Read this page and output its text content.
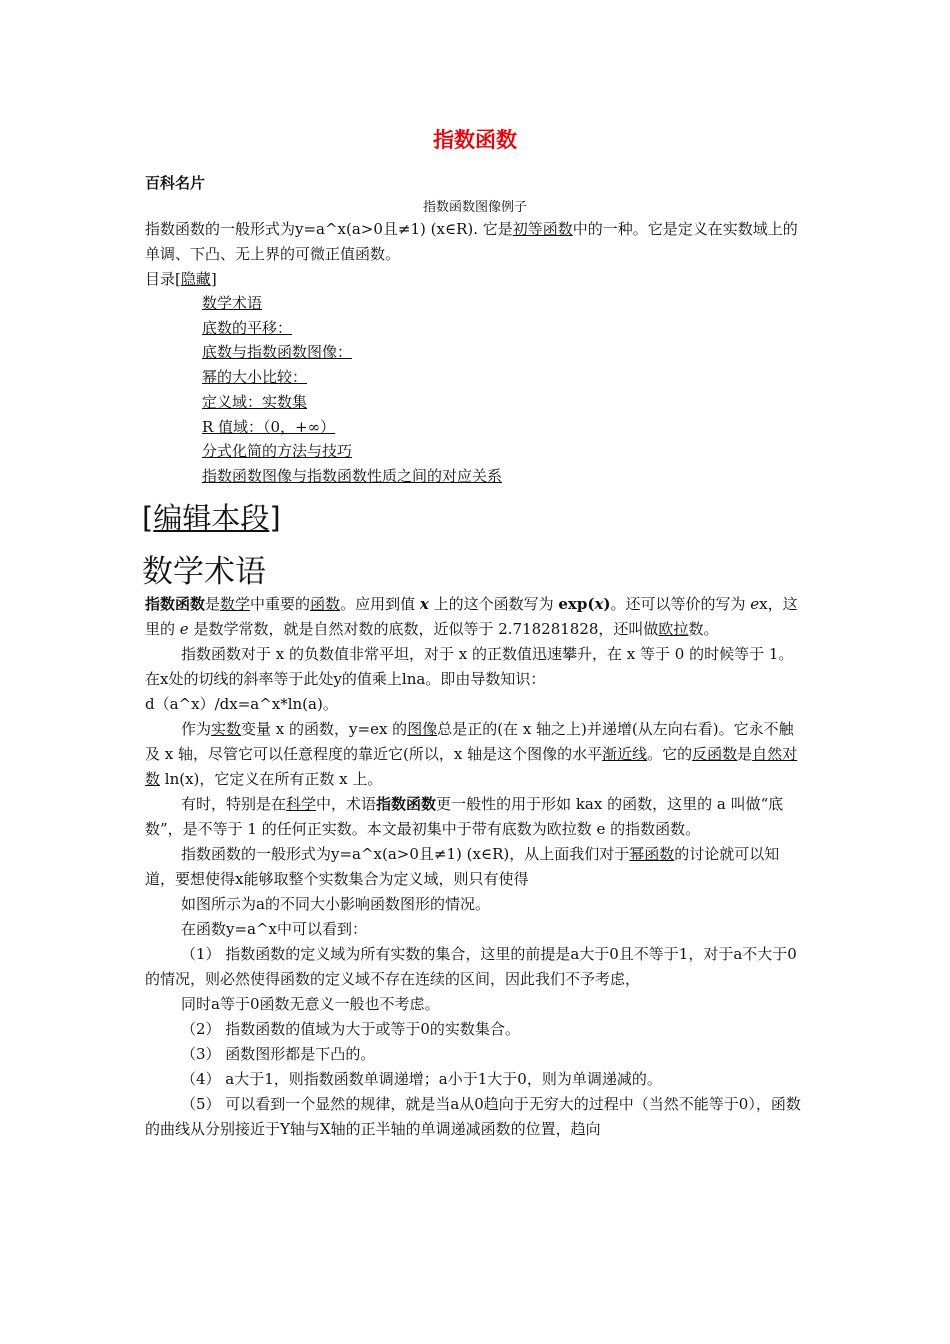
指数函数
百科名片
指数函数图像例子
指数函数的一般形式为y=a^x(a>0且≠1) (x∈R). 它是初等函数中的一种。它是定义在实数域上的单调、下凸、无上界的可微正值函数。
目录[隐藏]
数学术语
底数的平移：
底数与指数函数图像：
幂的大小比较：
定义域：实数集
R 值域：（0，+∞）
分式化简的方法与技巧
指数函数图像与指数函数性质之间的对应关系
[编辑本段]
数学术语

指数函数是数学中重要的函数。应用到值 x 上的这个函数写为 exp(x)。还可以等价的写为 ex，这里的 e 是数学常数，就是自然对数的底数，近似等于 2.718281828，还叫做欧拉数。

指数函数对于 x 的负数值非常平坦，对于 x 的正数值迅速攀升，在 x 等于 0 的时候等于 1。在x处的切线的斜率等于此处y的值乘上lna。即由导数知识：

d（a^x）/dx=a^x*ln(a)。

作为实数变量 x 的函数，y=ex 的图像总是正的(在 x 轴之上)并递增(从左向右看)。它永不触及 x 轴，尽管它可以任意程度的靠近它(所以，x 轴是这个图像的水平渐近线。它的反函数是自然对数 ln(x)，它定义在所有正数 x 上。

有时，特别是在科学中，术语指数函数更一般性的用于形如 kax 的函数，这里的 a 叫做“底数”，是不等于 1 的任何正实数。本文最初集中于带有底数为欧拉数 e 的指数函数。

指数函数的一般形式为y=a^x(a>0且≠1) (x∈R)，从上面我们对于幂函数的讨论就可以知道，要想使得x能够取整个实数集合为定义域，则只有使得

如图所示为a的不同大小影响函数图形的情况。

在函数y=a^x中可以看到：

（1） 指数函数的定义域为所有实数的集合，这里的前提是a大于0且不等于1，对于a不大于0的情况，则必然使得函数的定义域不存在连续的区间，因此我们不予考虑，

同时a等于0函数无意义一般也不考虑。

（2） 指数函数的值域为大于或等于0的实数集合。

（3） 函数图形都是下凸的。

（4） a大于1，则指数函数单调递增；a小于1大于0，则为单调递减的。

（5） 可以看到一个显然的规律，就是当a从0趋向于无穷大的过程中（当然不能等于0），函数的曲线从分别接近于Y轴与X轴的正半轴的单调递减函数的位置，趋向
